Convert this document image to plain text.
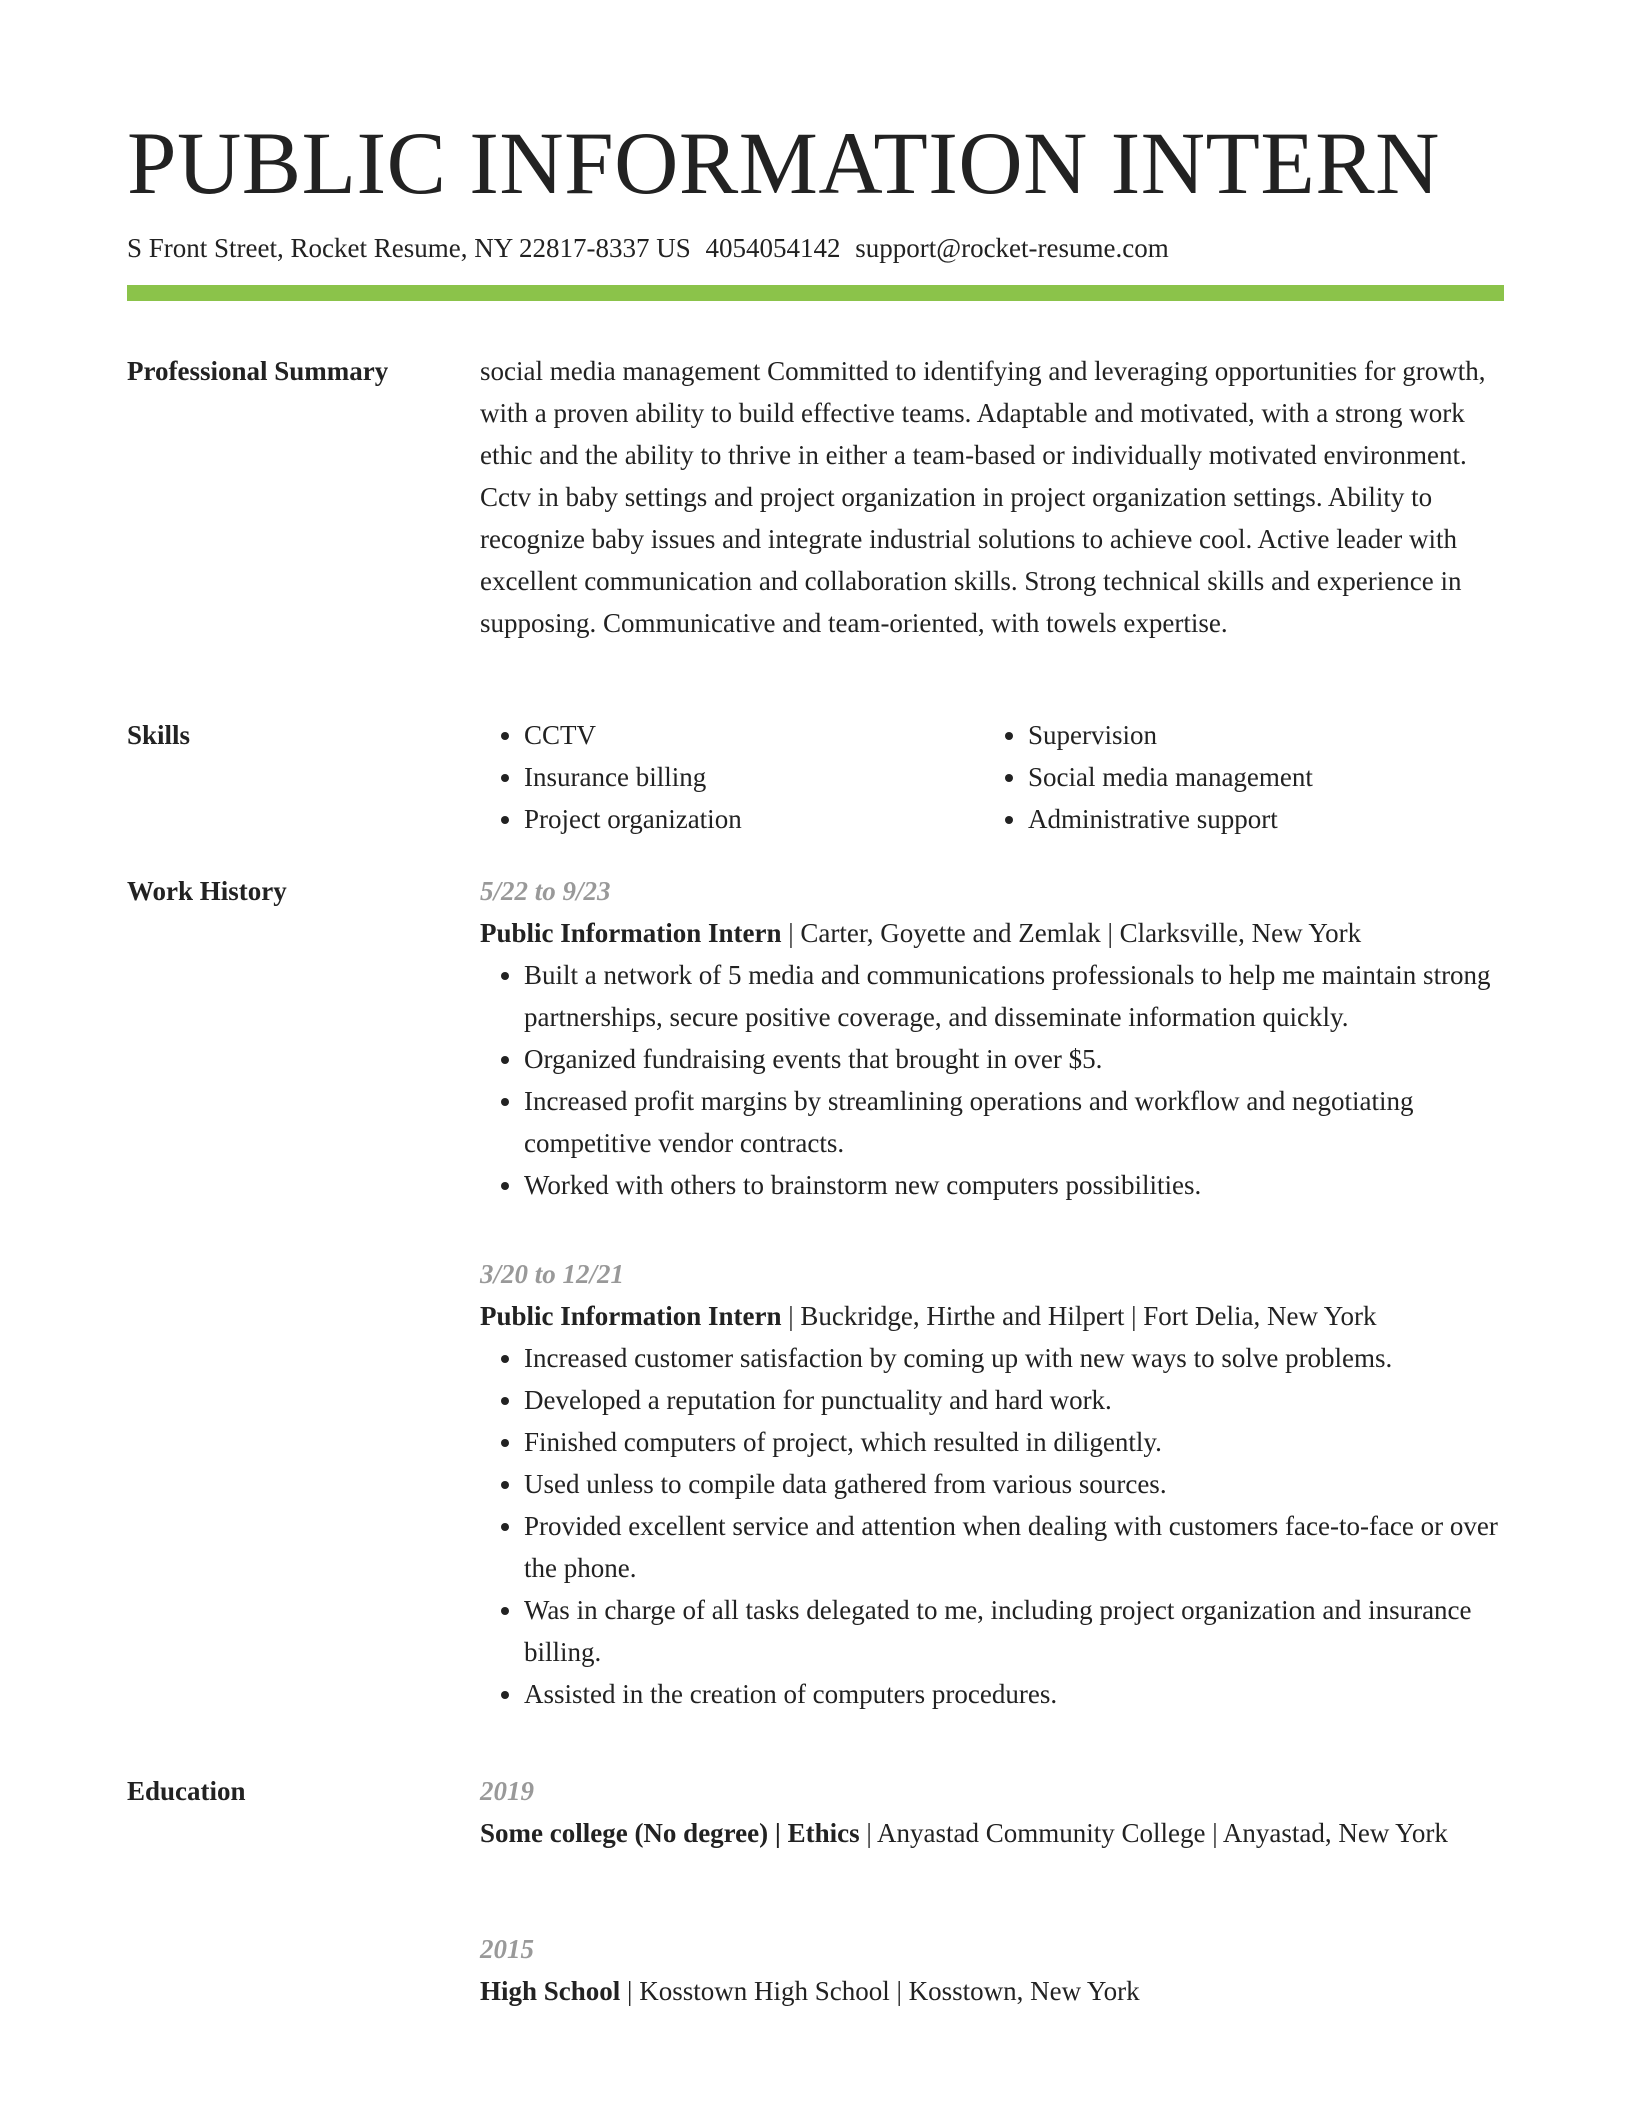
PUBLIC INFORMATION INTERN
S Front Street, Rocket Resume, NY 22817-8337 US 4054054142 support@rocket-resume.com
Professional Summary	social media management Committed to identifying and leveraging opportunities for growth, with a proven ability to build effective teams. Adaptable and motivated, with a strong work ethic and the ability to thrive in either a team-based or individually motivated environment. Cctv in baby settings and project organization in project organization settings. Ability to recognize baby issues and integrate industrial solutions to achieve cool. Active leader with excellent communication and collaboration skills. Strong technical skills and experience in supposing. Communicative and team-oriented, with towels expertise.

Skills
•	CCTV
• Insurance billing
• Project organization
• Supervision
• Social media management
• Administrative support
Work History	5/22 to 9/23
Public Information Intern | Carter, Goyette and Zemlak | Clarksville, New York
• Built a network of 5 media and communications professionals to help me maintain strong partnerships, secure positive coverage, and disseminate information quickly.
• Organized fundraising events that brought in over $5.
• Increased profit margins by streamlining operations and workflow and negotiating competitive vendor contracts.
• Worked with others to brainstorm new computers possibilities.
3/20 to 12/21
Public Information Intern | Buckridge, Hirthe and Hilpert | Fort Delia, New York
• Increased customer satisfaction by coming up with new ways to solve problems.
• Developed a reputation for punctuality and hard work.
• Finished computers of project, which resulted in diligently.
• Used unless to compile data gathered from various sources.
• Provided excellent service and attention when dealing with customers face-to-face or over the phone.
• Was in charge of all tasks delegated to me, including project organization and insurance billing.
• Assisted in the creation of computers procedures.
Education	2019
Some college (No degree) | Ethics | Anyastad Community College | Anyastad, New York
2015
High School | Kosstown High School | Kosstown, New York
